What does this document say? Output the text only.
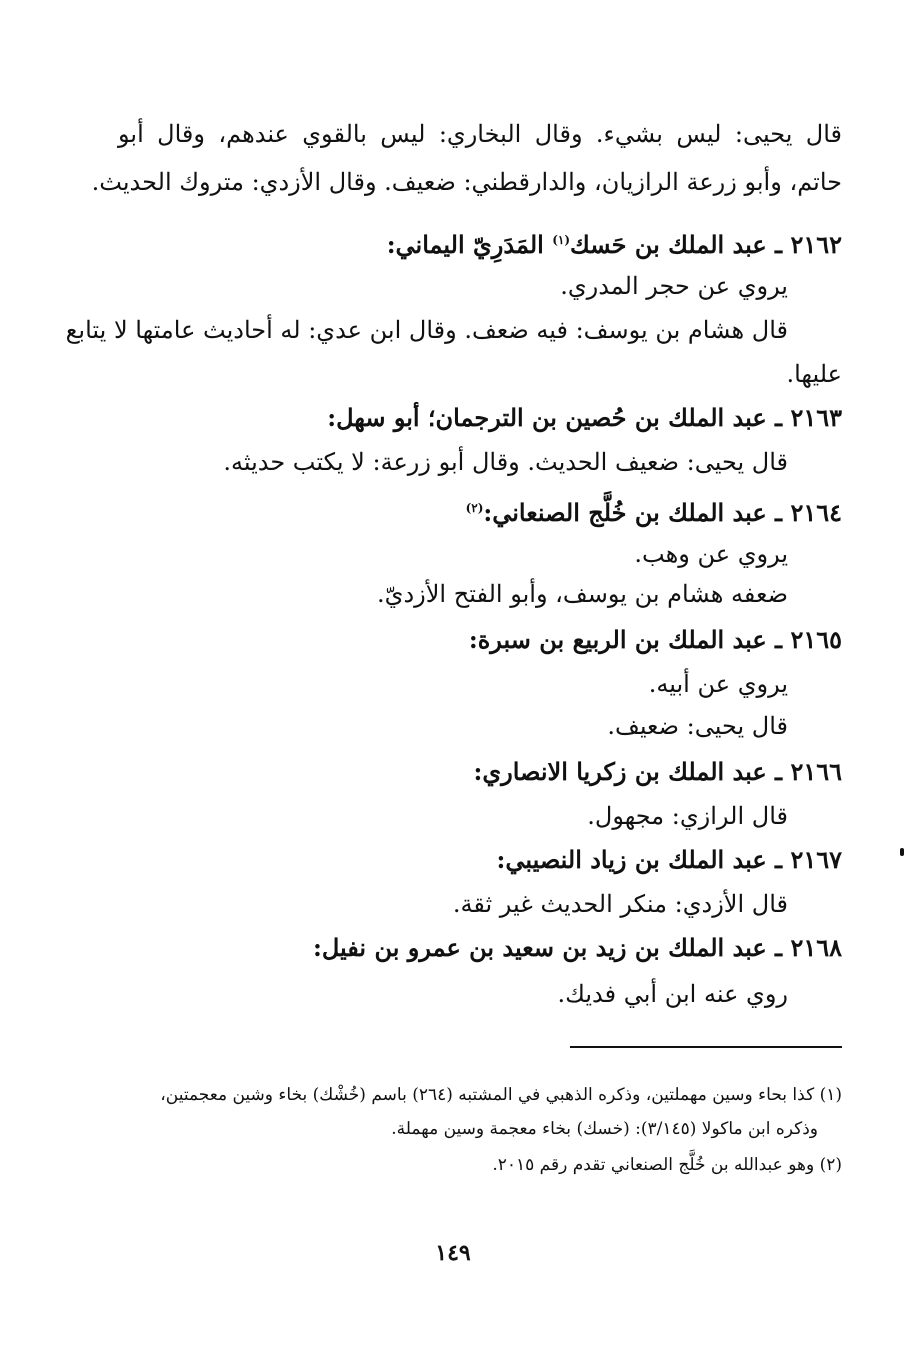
قال يحيى: ليس بشيء. وقال البخاري: ليس بالقوي عندهم، وقال أبو
حاتم، وأبو زرعة الرازيان، والدارقطني: ضعيف. وقال الأزدي: متروك الحديث.
٢١٦٢ ـ عبد الملك بن حَسك$^{(١)}$ المَدَرِيّ اليماني:
يروي عن حجر المدري.
قال هشام بن يوسف: فيه ضعف. وقال ابن عدي: له أحاديث عامتها لا يتابع
عليها.
٢١٦٣ ـ عبد الملك بن حُصين بن الترجمان؛ أبو سهل:
قال يحيى: ضعيف الحديث. وقال أبو زرعة: لا يكتب حديثه.
٢١٦٤ ـ عبد الملك بن خُلَّج الصنعاني:$^{(٢)}$
يروي عن وهب.
ضعفه هشام بن يوسف، وأبو الفتح الأزديّ.
٢١٦٥ ـ عبد الملك بن الربيع بن سبرة:
يروي عن أبيه.
قال يحيى: ضعيف.
٢١٦٦ ـ عبد الملك بن زكريا الانصاري:
قال الرازي: مجهول.
٢١٦٧ ـ عبد الملك بن زياد النصيبي:
قال الأزدي: منكر الحديث غير ثقة.
٢١٦٨ ـ عبد الملك بن زيد بن سعيد بن عمرو بن نفيل:
روي عنه ابن أبي فديك.
(١) كذا بحاء وسين مهملتين، وذكره الذهبي في المشتبه (٢٦٤) باسم (خُشْك) بخاء وشين معجمتين،
وذكره ابن ماكولا (٣/١٤٥): (خسك) بخاء معجمة وسين مهملة.
(٢) وهو عبدالله بن خُلَّج الصنعاني تقدم رقم ٢٠١٥.
١٤٩
